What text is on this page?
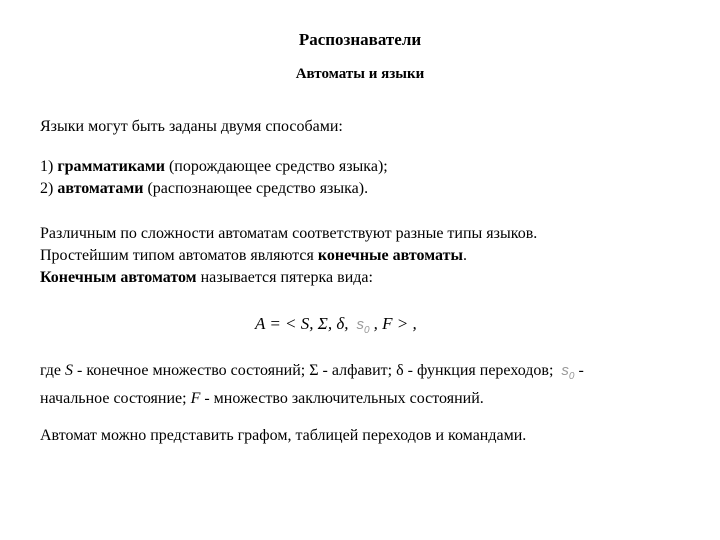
Распознаватели
Автоматы и языки
Языки могут быть заданы двумя способами:
1) грамматиками (порождающее средство языка);
2) автоматами (распознающее средство языка).
Различным по сложности автоматам соответствуют разные типы языков.
Простейшим типом автоматов являются конечные автоматы.
Конечным автоматом называется пятерка вида:
A = < S, Σ, δ, $s_0$ , F > ,
где S - конечное множество состояний; Σ - алфавит; δ - функция переходов; $s_0$ -
начальное состояние; F - множество заключительных состояний.
Автомат можно представить графом, таблицей переходов и командами.
